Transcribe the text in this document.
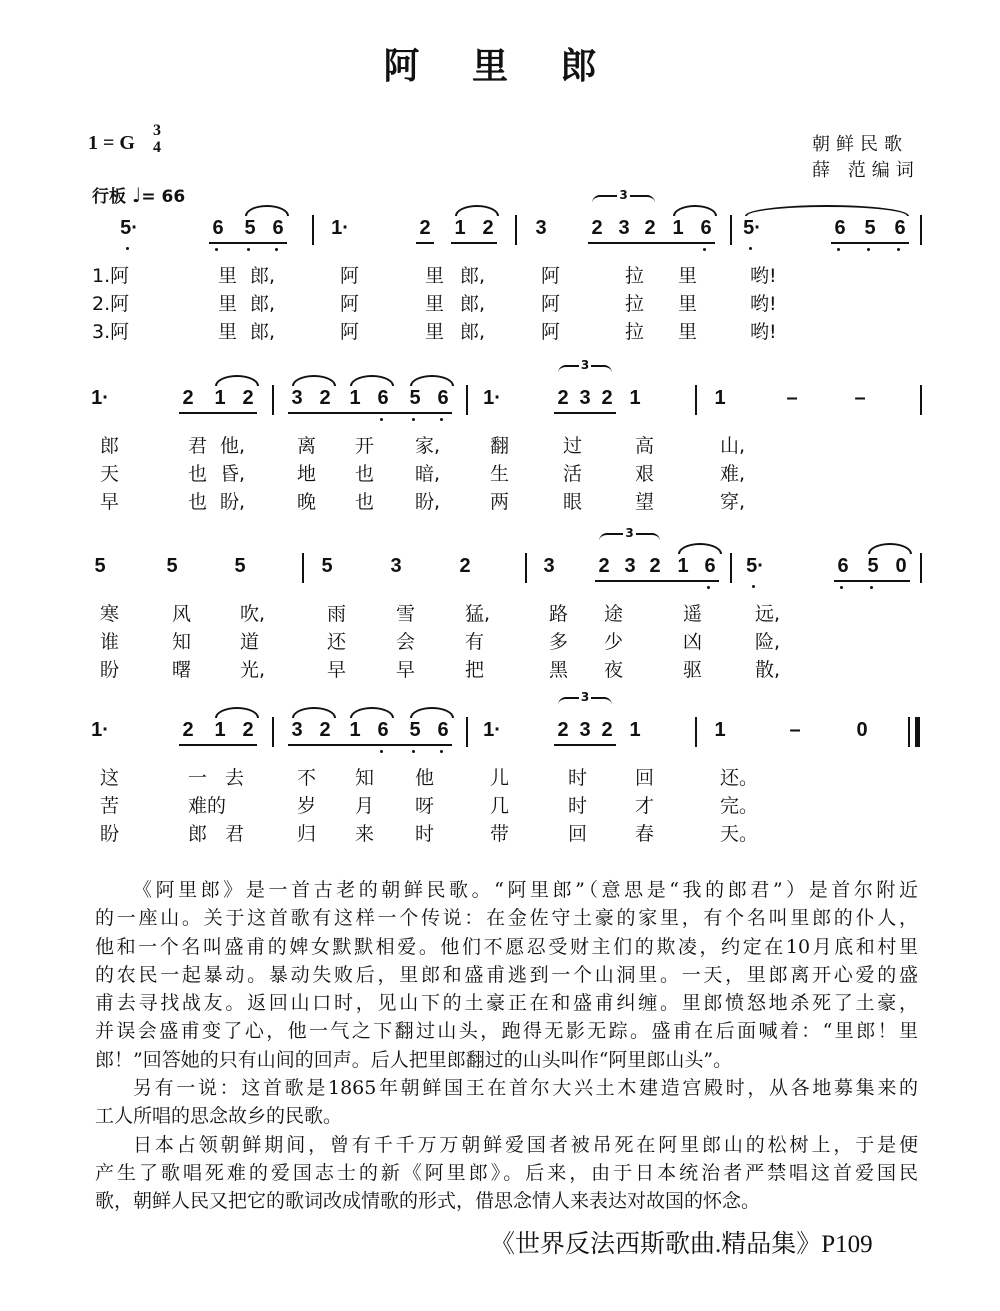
阿 里 郎
1 = G
3
4
行板 ♩= 66
朝鲜民歌
薛 范编词
5·	6	5 6	1·	2	1 2	3	2 3 2 1 6	5·	6 5 6
3
1.阿	里 郎,	阿	里 郎,	阿	拉 里	哟!
2.阿	里 郎,	阿	里 郎,	阿	拉 里	哟!
3.阿	里 郎,	阿	里 郎,	阿	拉 里	哟!
1·	2	1 2	3 2 1 6	5 6	1·	2 3 2 1	1	–	–
3
郎	君 他,	离 开 家,	翻	过	高	山,
天	也 昏,	地 也 暗,	生	活	艰	难,
早	也 盼,	晚 也 盼,	两	眼	望	穿,
5	5	5	5	3	2	3	2 3 2 1 6	5·	6 5 0
3
寒	风	吹,	雨	雪	猛,	路 途	遥	远,
谁	知	道	还	会	有	多 少	凶	险,
盼	曙	光,	早	早	把	黑 夜	驱	散,
1·	2	1 2	3 2 1 6	5 6	1·	2 3 2 1	1	–	0
3
这	一 去	不 知 他	儿	时	回	还。
苦	难的	岁 月 呀	几	时	才	完。
盼	郎 君	归 来 时	带	回	春	天。
《阿里郎》是一首古老的朝鲜民歌。“阿里郎”（意思是“我的郎君”）是首尔附近
的一座山。关于这首歌有这样一个传说：在金佐守土豪的家里，有个名叫里郎的仆人，
他和一个名叫盛甫的婢女默默相爱。他们不愿忍受财主们的欺凌，约定在10月底和村里
的农民一起暴动。暴动失败后，里郎和盛甫逃到一个山洞里。一天，里郎离开心爱的盛
甫去寻找战友。返回山口时，见山下的土豪正在和盛甫纠缠。里郎愤怒地杀死了土豪，
并误会盛甫变了心，他一气之下翻过山头，跑得无影无踪。盛甫在后面喊着：“里郎！里
郎！”回答她的只有山间的回声。后人把里郎翻过的山头叫作“阿里郎山头”。
另有一说：这首歌是1865年朝鲜国王在首尔大兴土木建造宫殿时，从各地募集来的
工人所唱的思念故乡的民歌。
日本占领朝鲜期间，曾有千千万万朝鲜爱国者被吊死在阿里郎山的松树上，于是便
产生了歌唱死难的爱国志士的新《阿里郎》。后来，由于日本统治者严禁唱这首爱国民
歌，朝鲜人民又把它的歌词改成情歌的形式，借思念情人来表达对故国的怀念。
《世界反法西斯歌曲.精品集》P109
